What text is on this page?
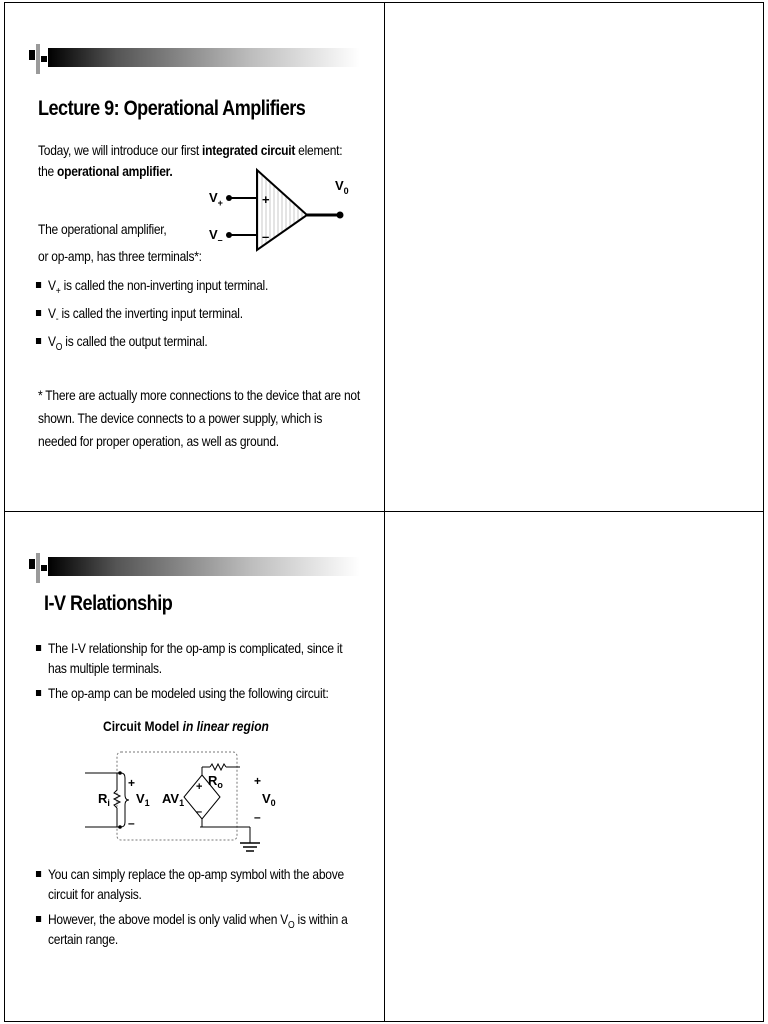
Lecture 9: Operational Amplifiers
Today, we will introduce our first integrated circuit element:
the operational amplifier.
The operational amplifier,
or op-amp, has three terminals*:
$V_+$ is called the non-inverting input terminal.
$V_-$ is called the inverting input terminal.
$V_O$ is called the output terminal.
* There are actually more connections to the device that are not
shown. The device connects to a power supply, which is
needed for proper operation, as well as ground.
+
–
$V_+$
$V_-$
$V_0$
I-V Relationship
The I-V relationship for the op-amp is complicated, since it
has multiple terminals.
The op-amp can be modeled using the following circuit:
You can simply replace the op-amp symbol with the above
circuit for analysis.
However, the above model is only valid when $V_O$ is within a
certain range.
Circuit Model in linear region
$R_i$
+
–
$V_1$ $AV_1$
+
–
$R_o$	+
–
$V_0$
